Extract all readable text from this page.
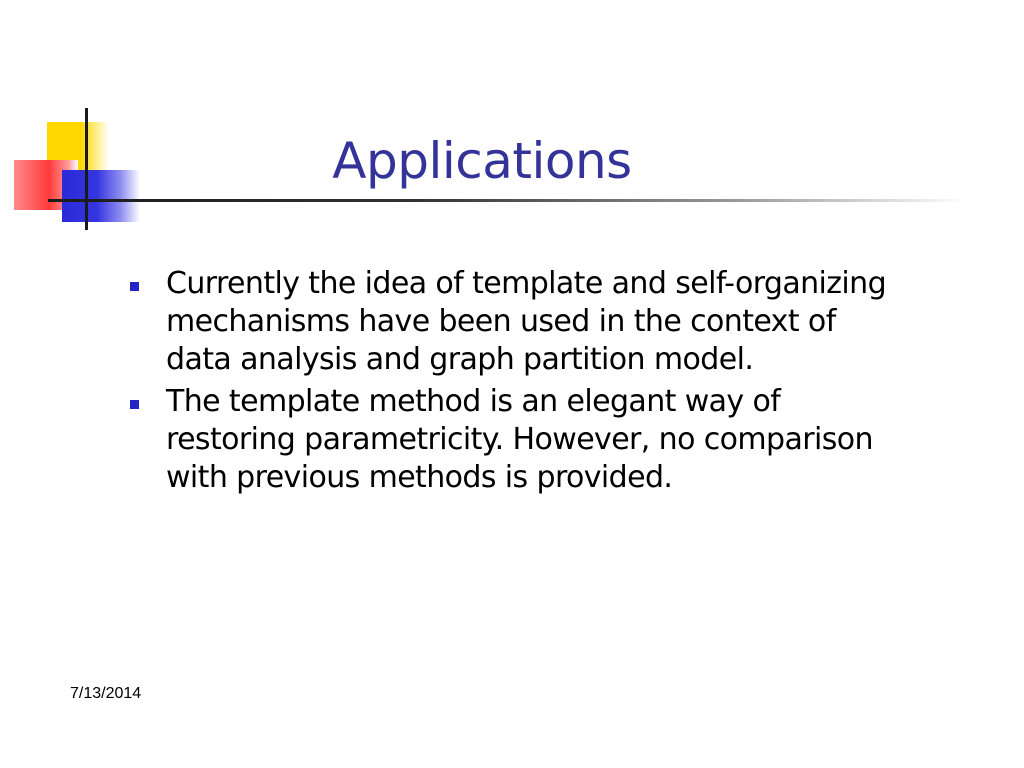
Applications
Currently the idea of template and self-organizing mechanisms have been used in the context of data analysis and graph partition model.
The template method is an elegant way of restoring parametricity. However, no comparison with previous methods is provided.
7/13/2014
